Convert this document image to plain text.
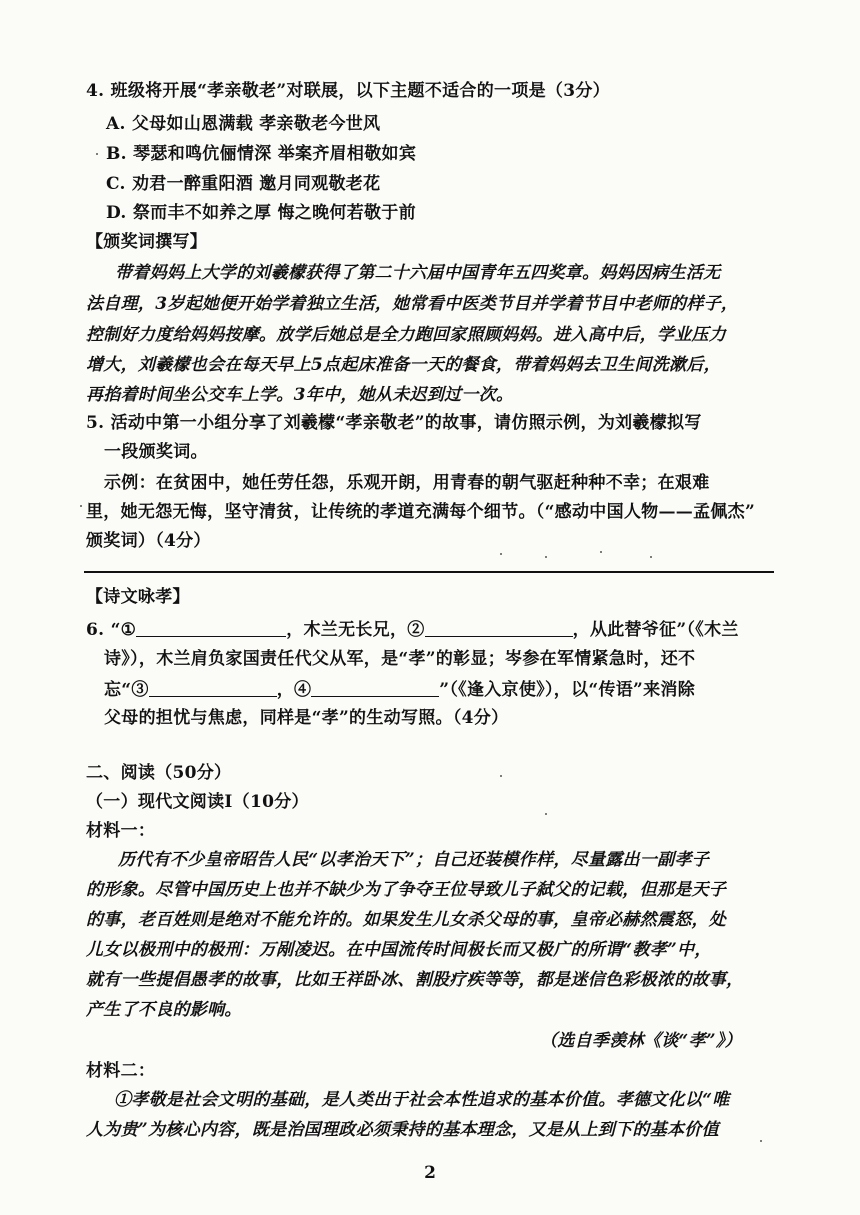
4. 班级将开展“孝亲敬老”对联展，以下主题不适合的一项是（3分）
A. 父母如山恩满载 孝亲敬老今世风
B. 琴瑟和鸣伉俪情深 举案齐眉相敬如宾
C. 劝君一醉重阳酒 邀月同观敬老花
D. 祭而丰不如养之厚 悔之晚何若敬于前
【颁奖词撰写】
带着妈妈上大学的刘羲檬获得了第二十六届中国青年五四奖章。妈妈因病生活无
法自理，3岁起她便开始学着独立生活，她常看中医类节目并学着节目中老师的样子，
控制好力度给妈妈按摩。放学后她总是全力跑回家照顾妈妈。进入高中后，学业压力
增大，刘羲檬也会在每天早上5点起床准备一天的餐食，带着妈妈去卫生间洗漱后，
再掐着时间坐公交车上学。3年中，她从未迟到过一次。
5. 活动中第一小组分享了刘羲檬“孝亲敬老”的故事，请仿照示例，为刘羲檬拟写
一段颁奖词。
示例：在贫困中，她任劳任怨，乐观开朗，用青春的朝气驱赶种种不幸；在艰难
里，她无怨无悔，坚守清贫，让传统的孝道充满每个细节。（“感动中国人物——孟佩杰”
颁奖词）（4分）
【诗文咏孝】
6. “①	，木兰无长兄，②	，从此替爷征”（《木兰
诗》），木兰肩负家国责任代父从军，是“孝”的彰显；岑参在军情紧急时，还不
忘“③	，④	”（《逢入京使》），以“传语”来消除
父母的担忧与焦虑，同样是“孝”的生动写照。（4分）
二、阅读（50分）
（一）现代文阅读Ⅰ（10分）
材料一：
历代有不少皇帝昭告人民“以孝治天下”；自己还装模作样，尽量露出一副孝子
的形象。尽管中国历史上也并不缺少为了争夺王位导致儿子弑父的记载，但那是天子
的事，老百姓则是绝对不能允许的。如果发生儿女杀父母的事，皇帝必赫然震怒，处
儿女以极刑中的极刑：万剐凌迟。在中国流传时间极长而又极广的所谓“教孝”中，
就有一些提倡愚孝的故事，比如王祥卧冰、割股疗疾等等，都是迷信色彩极浓的故事，
产生了不良的影响。
（选自季羡林《谈“孝”》）
材料二：
①孝敬是社会文明的基础，是人类出于社会本性追求的基本价值。孝德文化以“唯
人为贵”为核心内容，既是治国理政必须秉持的基本理念，又是从上到下的基本价值
2
